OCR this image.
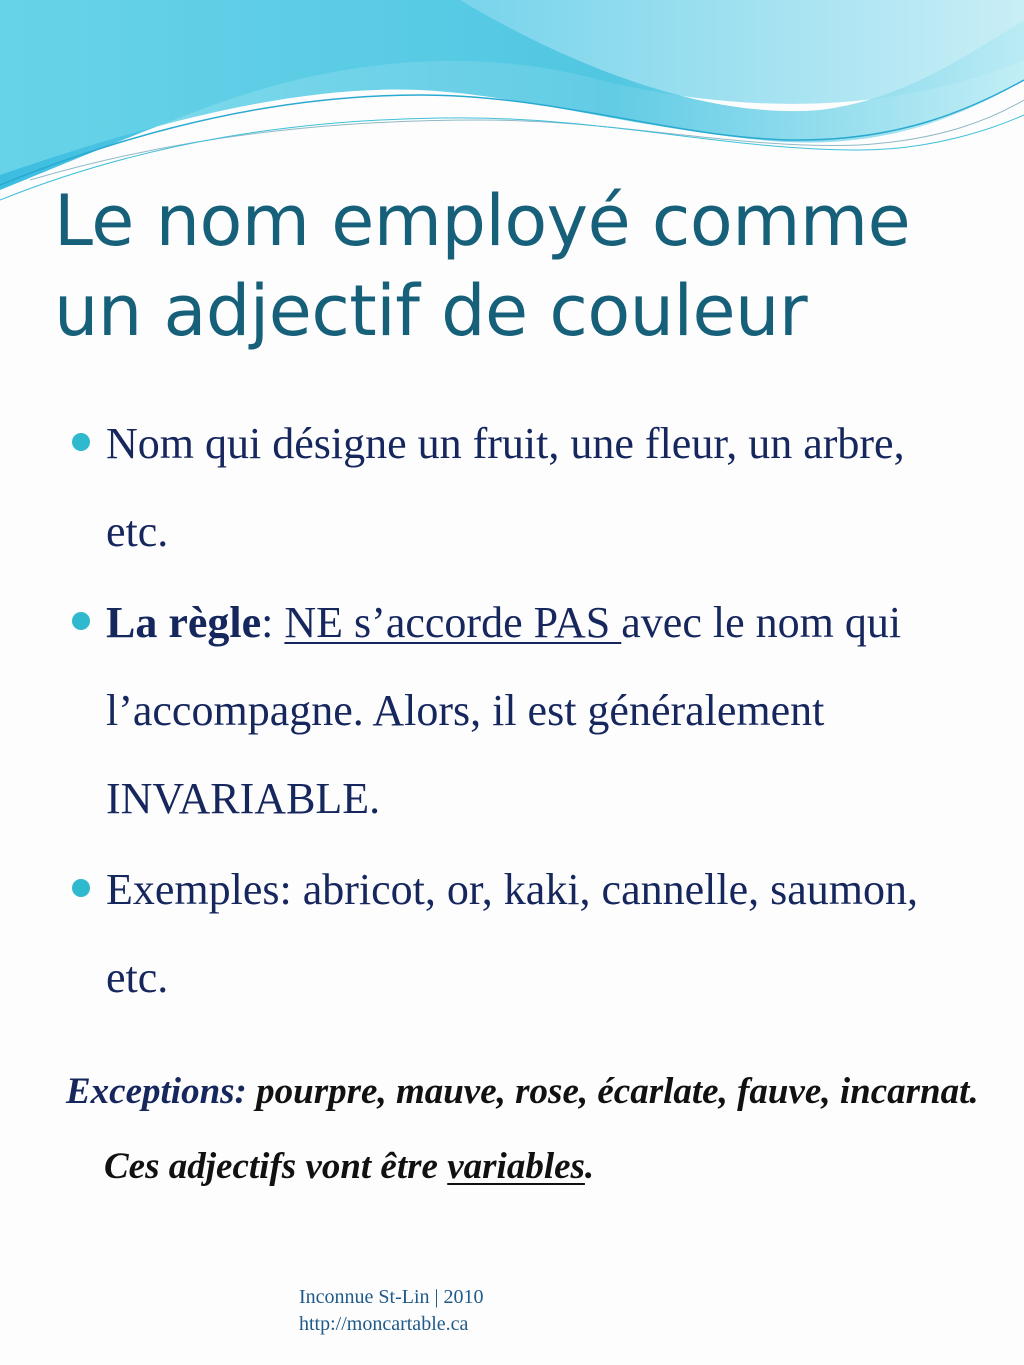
Le nom employé comme
un adjectif de couleur
Nom qui désigne un fruit, une fleur, un arbre, etc.
La règle: NE s’accorde PAS avec le nom qui l’accompagne. Alors, il est généralement INVARIABLE.
Exemples: abricot, or, kaki, cannelle, saumon, etc.

Exceptions: pourpre, mauve, rose, écarlate, fauve, incarnat. Ces adjectifs vont être variables.

Inconnue St-Lin | 2010
http://moncartable.ca
